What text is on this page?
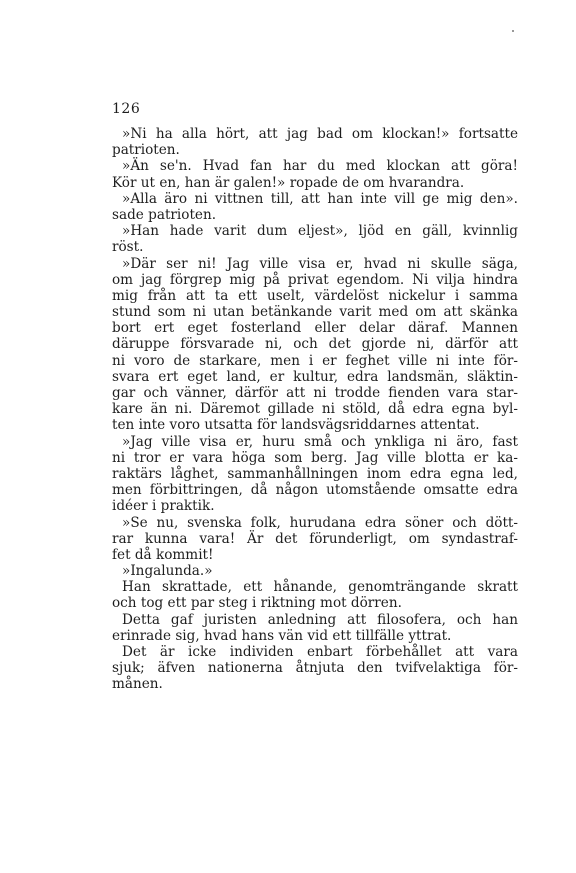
126
»Ni ha alla hört, att jag bad om klockan!» fortsatte
patrioten.
»Än se'n. Hvad fan har du med klockan att göra!
Kör ut en, han är galen!» ropade de om hvarandra.
»Alla äro ni vittnen till, att han inte vill ge mig den».
sade patrioten.
»Han hade varit dum eljest», ljöd en gäll, kvinnlig
röst.
»Där ser ni! Jag ville visa er, hvad ni skulle säga,
om jag förgrep mig på privat egendom. Ni vilja hindra
mig från att ta ett uselt, värdelöst nickelur i samma
stund som ni utan betänkande varit med om att skänka
bort ert eget fosterland eller delar däraf. Mannen
däruppe försvarade ni, och det gjorde ni, därför att
ni voro de starkare, men i er feghet ville ni inte för-
svara ert eget land, er kultur, edra landsmän, släktin-
gar och vänner, därför att ni trodde fienden vara star-
kare än ni. Däremot gillade ni stöld, då edra egna byl-
ten inte voro utsatta för landsvägsriddarnes attentat.
»Jag ville visa er, huru små och ynkliga ni äro, fast
ni tror er vara höga som berg. Jag ville blotta er ka-
raktärs låghet, sammanhållningen inom edra egna led,
men förbittringen, då någon utomstående omsatte edra
idéer i praktik.
»Se nu, svenska folk, hurudana edra söner och dött-
rar kunna vara! Är det förunderligt, om syndastraf-
fet då kommit!
»Ingalunda.»
Han skrattade, ett hånande, genomträngande skratt
och tog ett par steg i riktning mot dörren.
Detta gaf juristen anledning att filosofera, och han
erinrade sig, hvad hans vän vid ett tillfälle yttrat.
Det är icke individen enbart förbehållet att vara
sjuk; äfven nationerna åtnjuta den tvifvelaktiga för-
månen.
